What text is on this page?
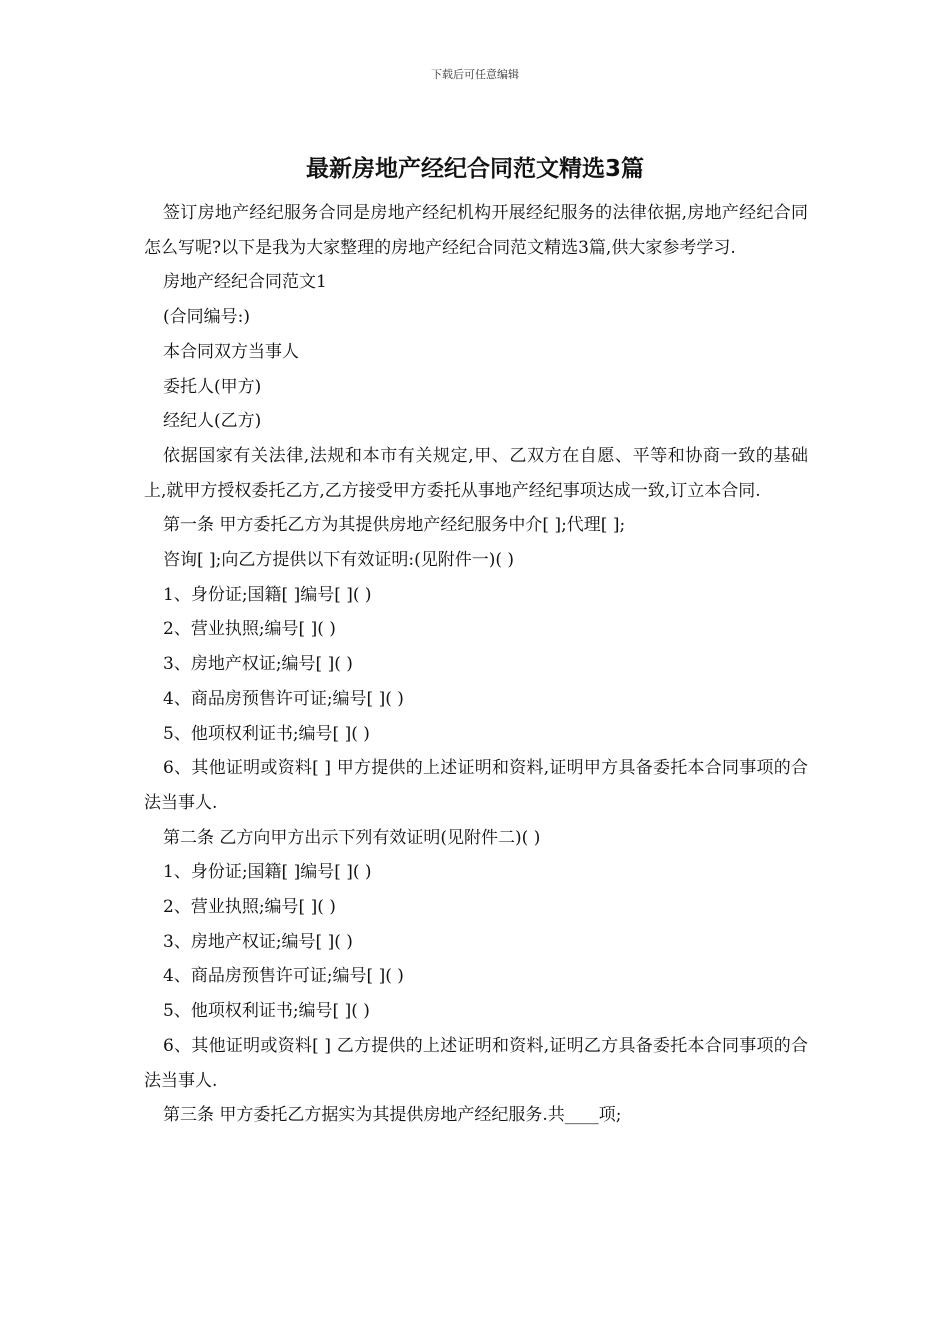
下载后可任意编辑
最新房地产经纪合同范文精选3篇

签订房地产经纪服务合同是房地产经纪机构开展经纪服务的法律依据,房地产经纪合同怎么写呢?以下是我为大家整理的房地产经纪合同范文精选3篇,供大家参考学习.

房地产经纪合同范文1

(合同编号:)

本合同双方当事人

委托人(甲方)

经纪人(乙方)

依据国家有关法律,法规和本市有关规定,甲、乙双方在自愿、平等和协商一致的基础上,就甲方授权委托乙方,乙方接受甲方委托从事地产经纪事项达成一致,订立本合同.

第一条 甲方委托乙方为其提供房地产经纪服务中介[ ];代理[ ];

咨询[ ];向乙方提供以下有效证明:(见附件一)( )

1、身份证;国籍[ ]编号[ ]( )

2、营业执照;编号[ ]( )

3、房地产权证;编号[ ]( )

4、商品房预售许可证;编号[ ]( )

5、他项权利证书;编号[ ]( )

6、其他证明或资料[ ] 甲方提供的上述证明和资料,证明甲方具备委托本合同事项的合法当事人.

第二条 乙方向甲方出示下列有效证明(见附件二)( )

1、身份证;国籍[ ]编号[ ]( )

2、营业执照;编号[ ]( )

3、房地产权证;编号[ ]( )

4、商品房预售许可证;编号[ ]( )

5、他项权利证书;编号[ ]( )

6、其他证明或资料[ ] 乙方提供的上述证明和资料,证明乙方具备委托本合同事项的合法当事人.

第三条 甲方委托乙方据实为其提供房地产经纪服务.共____项;
